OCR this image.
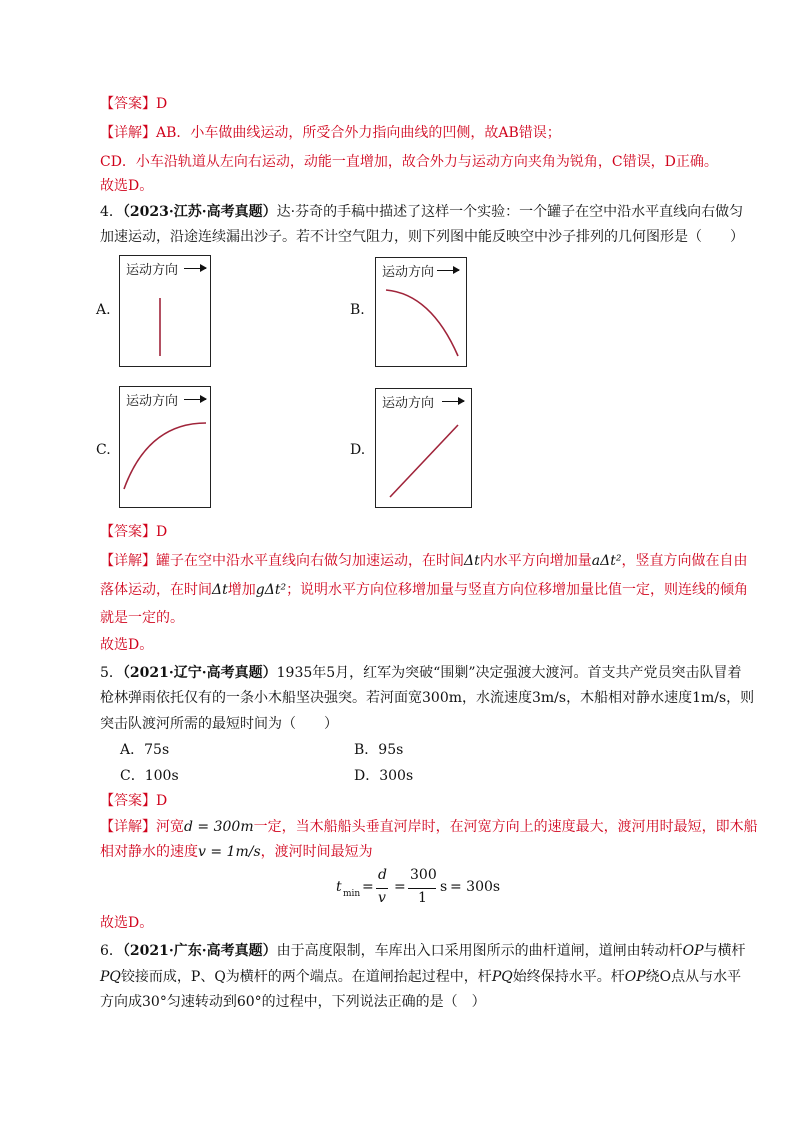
【答案】D
【详解】AB．小车做曲线运动，所受合外力指向曲线的凹侧，故AB错误；
CD．小车沿轨道从左向右运动，动能一直增加，故合外力与运动方向夹角为锐角，C错误，D正确。
故选D。
4．（2023·江苏·高考真题）达·芬奇的手稿中描述了这样一个实验：一个罐子在空中沿水平直线向右做匀
加速运动，沿途连续漏出沙子。若不计空气阻力，则下列图中能反映空中沙子排列的几何图形是（　　）
A.
运动方向
B.
运动方向
C.
运动方向
D.
运动方向
【答案】D
【详解】罐子在空中沿水平直线向右做匀加速运动，在时间Δt内水平方向增加量aΔt²，竖直方向做在自由
落体运动，在时间Δt增加gΔt²；说明水平方向位移增加量与竖直方向位移增加量比值一定，则连线的倾角
就是一定的。
故选D。
5．（2021·辽宁·高考真题）1935年5月，红军为突破“围剿”决定强渡大渡河。首支共产党员突击队冒着
枪林弹雨依托仅有的一条小木船坚决强突。若河面宽300m，水流速度3m/s，木船相对静水速度1m/s，则
突击队渡河所需的最短时间为（　　）
A．75s	B．95s
C．100s	D．300s
【答案】D
【详解】河宽d = 300m一定，当木船船头垂直河岸时，在河宽方向上的速度最大，渡河用时最短，即木船
相对静水的速度v = 1m/s，渡河时间最短为
t min =
d
v
=
300
1
s = 300s
故选D。
6．（2021·广东·高考真题）由于高度限制，车库出入口采用图所示的曲杆道闸，道闸由转动杆OP与横杆
PQ铰接而成，P、Q为横杆的两个端点。在道闸抬起过程中，杆PQ始终保持水平。杆OP绕O点从与水平
方向成30°匀速转动到60°的过程中，下列说法正确的是（　）
